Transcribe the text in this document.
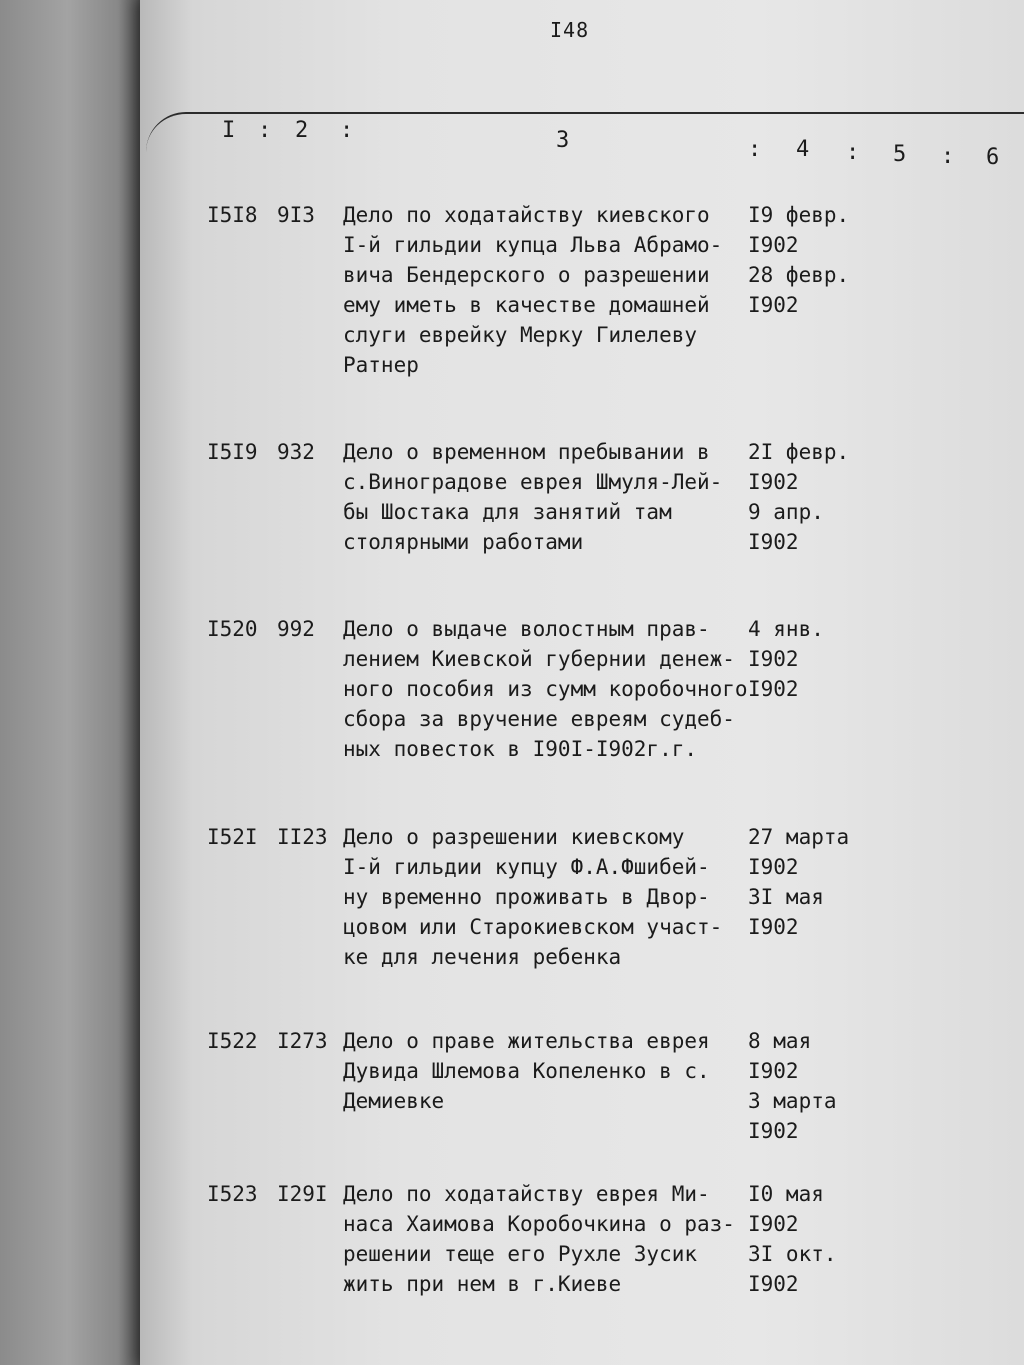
I48
I : 2 :	3	: 4 : 5 : 6
I5I8 9I3 Дело по ходатайству киевского
I-й гильдии купца Льва Абрамо-
вича Бендерского о разрешении
ему иметь в качестве домашней
слуги еврейку Мерку Гилелеву
Ратнер
I9 февр.
I902
28 февр.
I902
I5I9 932 Дело о временном пребывании в
с.Виноградове еврея Шмуля-Лей-
бы Шостака для занятий там
столярными работами
2I февр.
I902
9 апр.
I902
I520 992 Дело о выдаче волостным прав-
лением Киевской губернии денеж-
ного пособия из сумм коробочного
сбора за вручение евреям судеб-
ных повесток в I90I-I902г.г.
4 янв.
I902
I902
I52I II23 Дело о разрешении киевскому
I-й гильдии купцу Ф.А.Фшибей-
ну временно проживать в Двор-
цовом или Старокиевском участ-
ке для лечения ребенка
27 марта
I902
3I мая
I902
I522 I273 Дело о праве жительства еврея
Дувида Шлемова Копеленко в с.
Демиевке
8 мая
I902
3 марта
I902
I523 I29I Дело по ходатайству еврея Ми-
наса Хаимова Коробочкина о раз-
решении теще его Рухле Зусик
жить при нем в г.Киеве
I0 мая
I902
3I окт.
I902
